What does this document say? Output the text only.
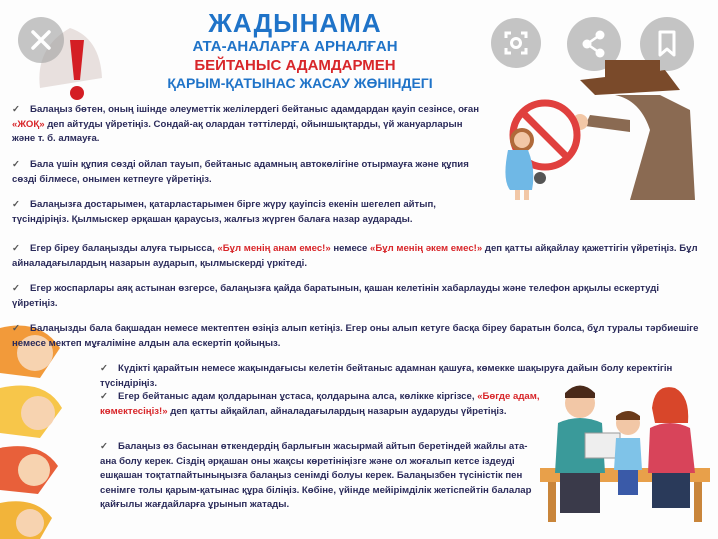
ЖАДЫНАМА
АТА-АНАЛАРҒА АРНАЛҒАН
БЕЙТАНЫС АДАМДАРМЕН
ҚАРЫМ-ҚАТЫНАС ЖАСАУ ЖӨНІНДЕГІ
✓ Балаңыз бөтен, оның ішінде әлеуметтік желілердегі бейтаныс адамдардан қауіп сезінсе, оған «ЖОҚ» деп айтуды үйретіңіз. Сондай-ақ олардан тәттілерді, ойыншықтарды, үй жануарларын және т. б. алмауға.
✓ Бала үшін құпия сөзді ойлап тауып, бейтаныс адамның автокөлігіне отырмауға және құпия сөзді білмесе, онымен кетпеуге үйретіңіз.
✓ Балаңызға достарымен, қатарластарымен бірге жүру қауіпсіз екенін шегелеп айтып, түсіндіріңіз. Қылмыскер әрқашан қараусыз, жалғыз жүрген балаға назар аударады.
✓ Егер біреу балаңызды алуға тырысса, «Бұл менің анам емес!» немесе «Бұл менің әкем емес!» деп қатты айқайлау қажеттігін үйретіңіз. Бұл айналадағылардың назарын аударып, қылмыскерді үркітеді.
✓ Егер жоспарлары аяқ астынан өзгерсе, балаңызға қайда баратынын, қашан келетінін хабарлауды және телефон арқылы ескертуді үйретіңіз.
✓ Балаңызды бала бақшадан немесе мектептен өзіңіз алып кетіңіз. Егер оны алып кетуге басқа біреу баратын болса, бұл туралы тәрбиешіге немесе мектеп мұғаліміне алдын ала ескертіп қойыңыз.
✓ Күдікті қарайтын немесе жақындағысы келетін бейтаныс адамнан қашуға, көмекке шақыруға дайын болу керектігін түсіндіріңіз.
✓ Егер бейтаныс адам қолдарынан ұстаса, қолдарына алса, көлікке кіргізсе, «Бөгде адам, көмектесіңіз!» деп қатты айқайлап, айналадағылардың назарын аударуды үйретіңіз.
✓ Балаңыз өз басынан өткендердің барлығын жасырмай айтып беретіндей жайлы ата-ана болу керек. Сіздің әрқашан оны жақсы көретініңізге және ол жоғалып кетсе іздеуді ешқашан тоқтатпайтыныңызға балаңыз сенімді болуы керек. Балаңызбен түсіністік пен сенімге толы қарым-қатынас құра біліңіз. Көбіне, үйінде мейірімділік жетіспейтін балалар қайғылы жағдайларға ұрынып жатады.
